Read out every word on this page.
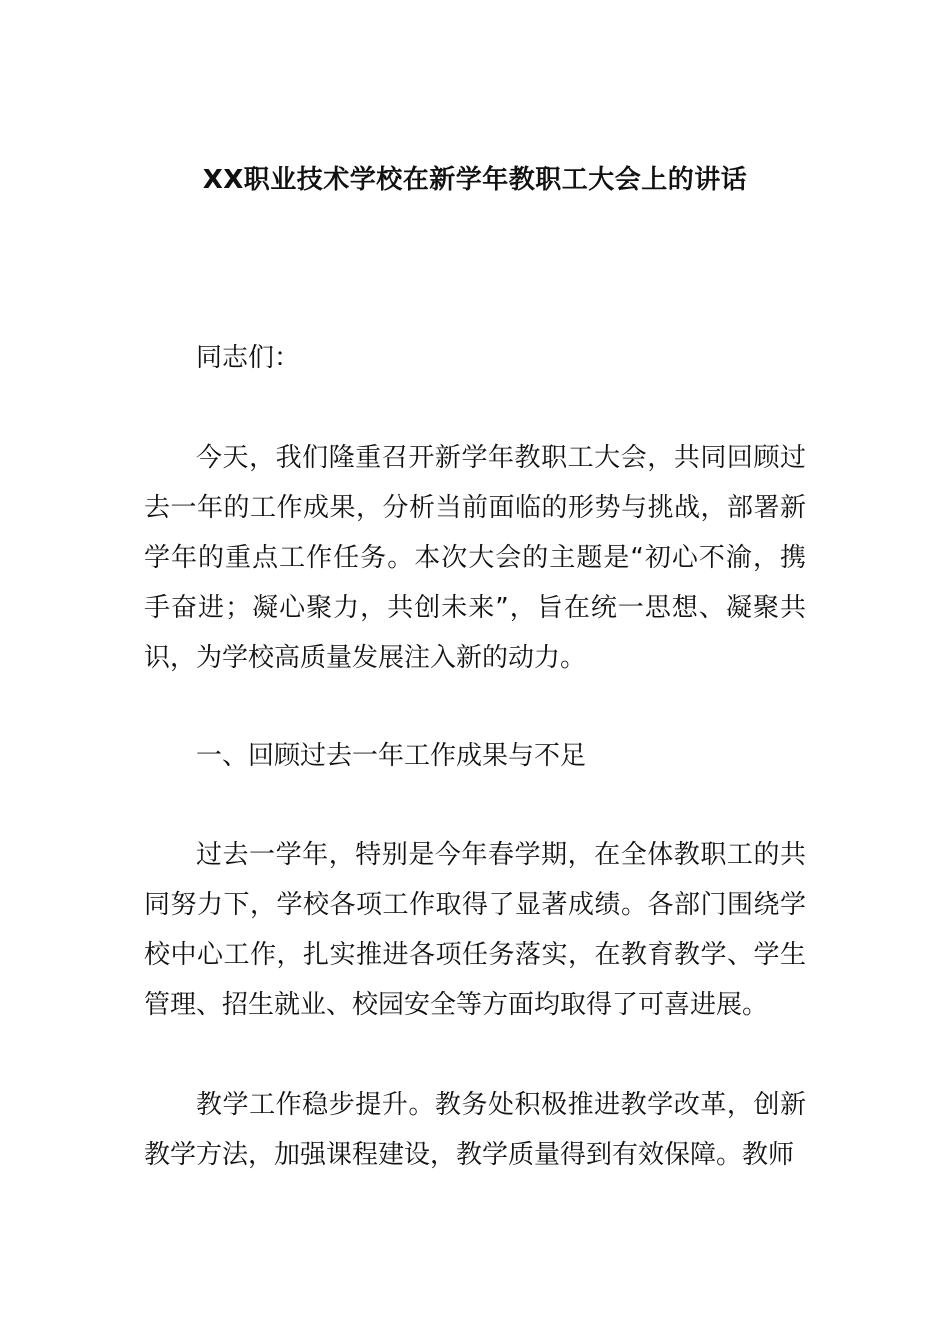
XX职业技术学校在新学年教职工大会上的讲话

同志们：

今天，我们隆重召开新学年教职工大会，共同回顾过去一年的工作成果，分析当前面临的形势与挑战，部署新学年的重点工作任务。本次大会的主题是“初心不渝，携手奋进；凝心聚力，共创未来”，旨在统一思想、凝聚共识，为学校高质量发展注入新的动力。

一、回顾过去一年工作成果与不足

过去一学年，特别是今年春学期，在全体教职工的共同努力下，学校各项工作取得了显著成绩。各部门围绕学校中心工作，扎实推进各项任务落实，在教育教学、学生管理、招生就业、校园安全等方面均取得了可喜进展。

教学工作稳步提升。教务处积极推进教学改革，创新教学方法，加强课程建设，教学质量得到有效保障。教师
